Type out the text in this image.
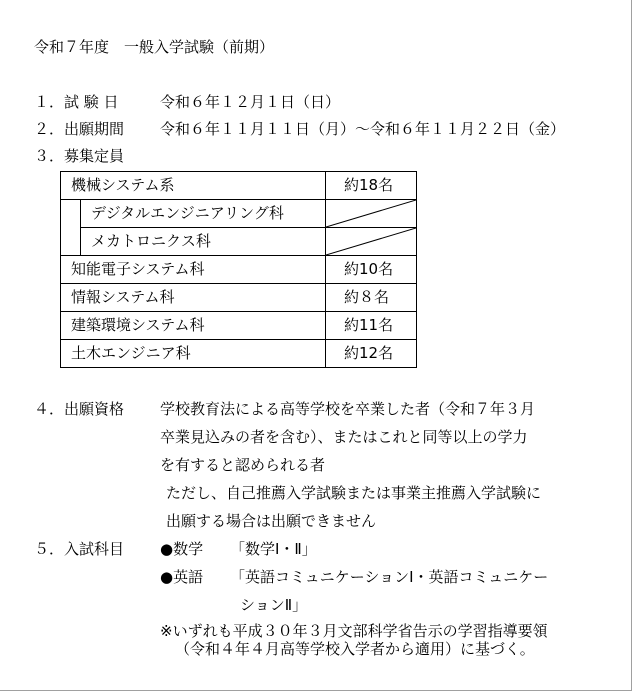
令和７年度　一般入学試験（前期）
１．試 験 日	令和６年１２月１日（日）
２．出願期間 令和６年１１月１１日（月）～令和６年１１月２２日（金）
３．募集定員
機械システム系		約18名
	デジタルエンジニアリング科	

	メカトロニクス科	

知能電子システム科		約10名
情報システム科		約８名
建築環境システム科		約11名
土木エンジニア科		約12名
４．出願資格 学校教育法による高等学校を卒業した者（令和７年３月
卒業見込みの者を含む）、またはこれと同等以上の学力
を有すると認められる者
ただし、自己推薦入学試験または事業主推薦入学試験に
出願する場合は出願できません
５．入試科目 ●数学 「数学Ⅰ・Ⅱ」
●英語 「英語コミュニケーションⅠ・英語コミュニケー
ションⅡ」
※いずれも平成３０年３月文部科学省告示の学習指導要領
（令和４年４月高等学校入学者から適用）に基づく。
